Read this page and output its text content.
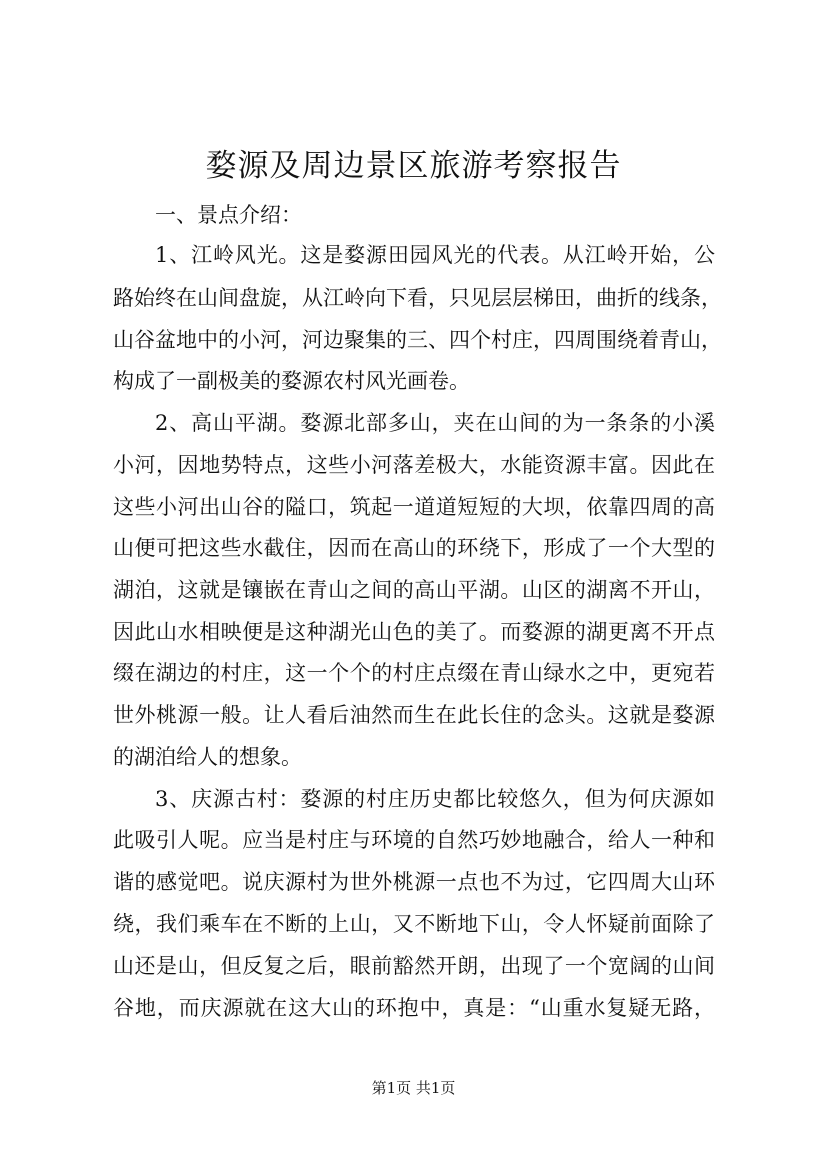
婺源及周边景区旅游考察报告
一、景点介绍：
1、江岭风光。这是婺源田园风光的代表。从江岭开始，公
路始终在山间盘旋，从江岭向下看，只见层层梯田，曲折的线条，
山谷盆地中的小河，河边聚集的三、四个村庄，四周围绕着青山，
构成了一副极美的婺源农村风光画卷。
2、高山平湖。婺源北部多山，夹在山间的为一条条的小溪
小河，因地势特点，这些小河落差极大，水能资源丰富。因此在
这些小河出山谷的隘口，筑起一道道短短的大坝，依靠四周的高
山便可把这些水截住，因而在高山的环绕下，形成了一个大型的
湖泊，这就是镶嵌在青山之间的高山平湖。山区的湖离不开山，
因此山水相映便是这种湖光山色的美了。而婺源的湖更离不开点
缀在湖边的村庄，这一个个的村庄点缀在青山绿水之中，更宛若
世外桃源一般。让人看后油然而生在此长住的念头。这就是婺源
的湖泊给人的想象。
3、庆源古村：婺源的村庄历史都比较悠久，但为何庆源如
此吸引人呢。应当是村庄与环境的自然巧妙地融合，给人一种和
谐的感觉吧。说庆源村为世外桃源一点也不为过，它四周大山环
绕，我们乘车在不断的上山，又不断地下山，令人怀疑前面除了
山还是山，但反复之后，眼前豁然开朗，出现了一个宽阔的山间
谷地，而庆源就在这大山的环抱中，真是：“山重水复疑无路，
第1页 共1页
